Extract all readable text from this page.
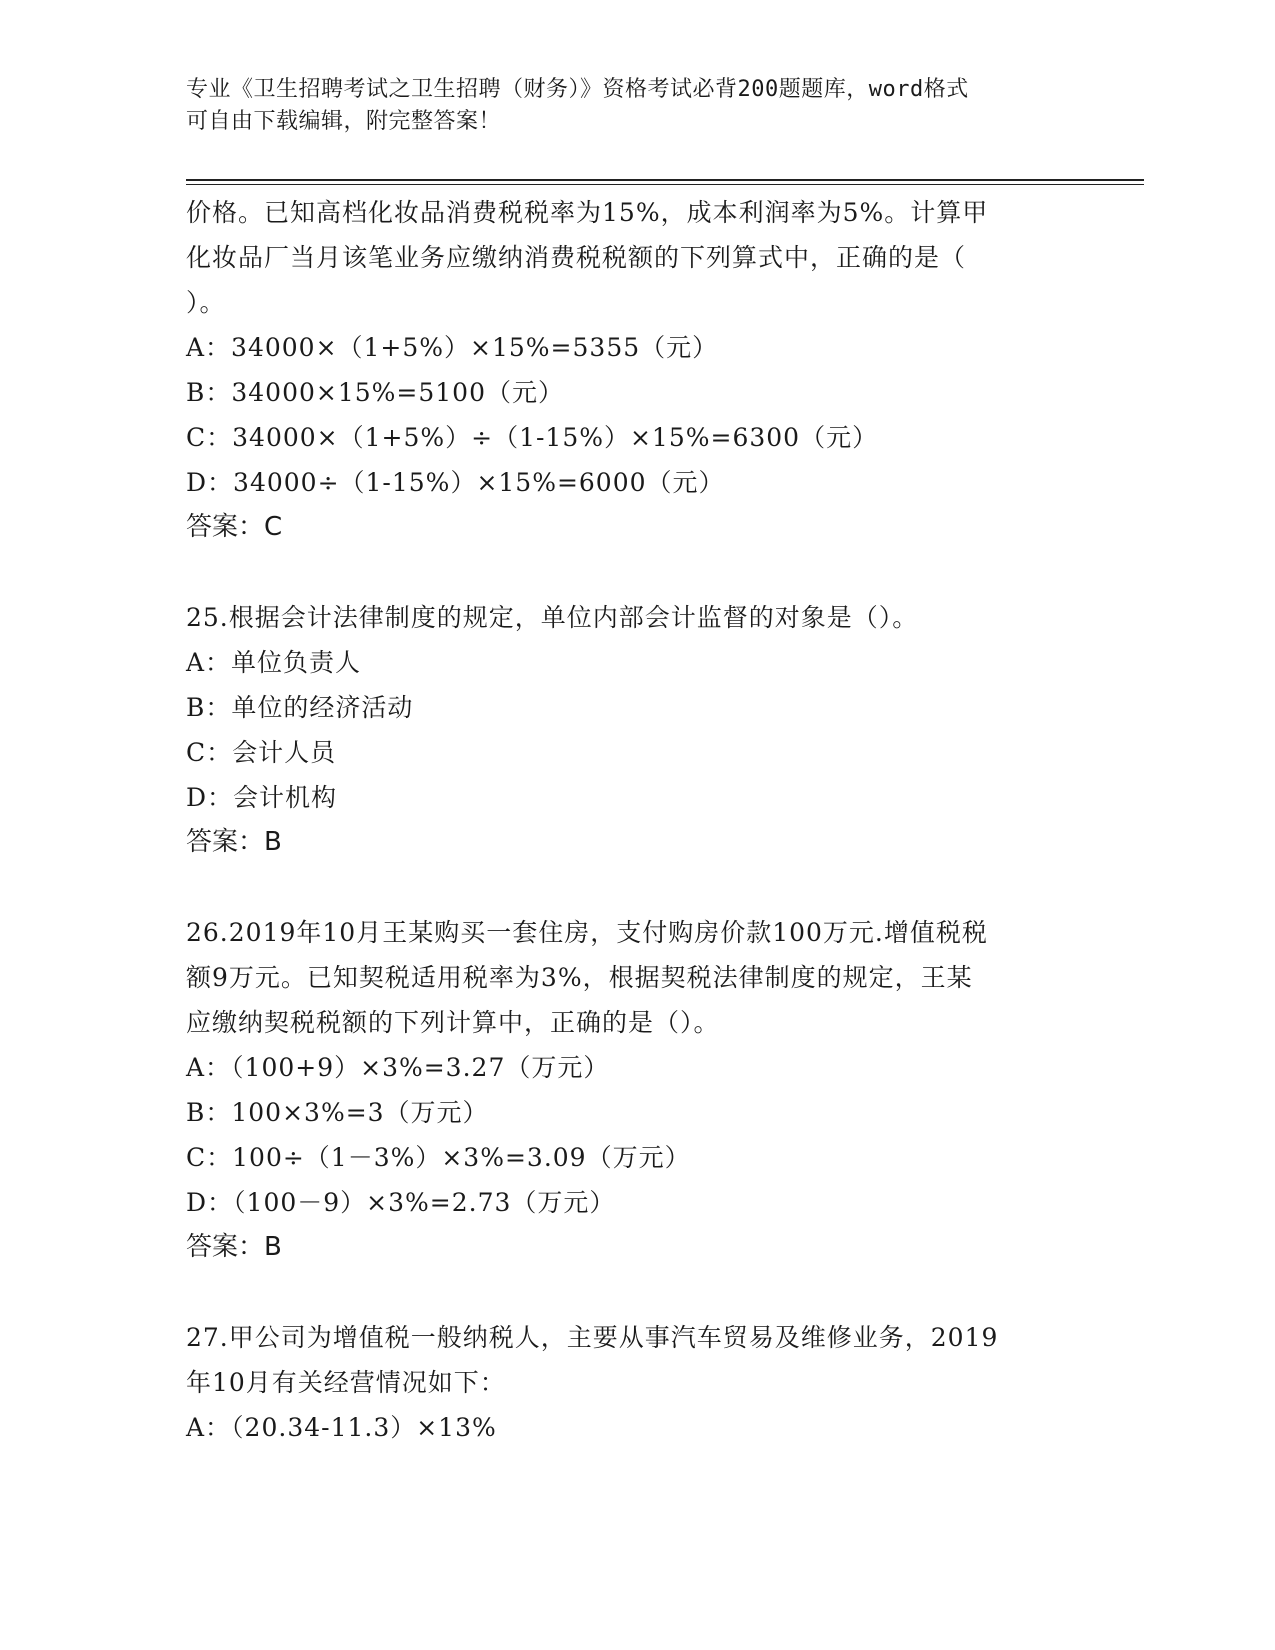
专业《卫生招聘考试之卫生招聘（财务）》资格考试必背200题题库，word格式
可自由下载编辑，附完整答案！
价格。已知高档化妆品消费税税率为15%，成本利润率为5%。计算甲
化妆品厂当月该笔业务应缴纳消费税税额的下列算式中，正确的是（
）。
A：34000×（1+5%）×15%=5355（元）
B：34000×15%=5100（元）
C：34000×（1+5%）÷（1-15%）×15%=6300（元）
D：34000÷（1-15%）×15%=6000（元）
答案：C
25.根据会计法律制度的规定，单位内部会计监督的对象是（）。
A：单位负责人
B：单位的经济活动
C：会计人员
D：会计机构
答案：B
26.2019年10月王某购买一套住房，支付购房价款100万元.增值税税
额9万元。已知契税适用税率为3%，根据契税法律制度的规定，王某
应缴纳契税税额的下列计算中，正确的是（）。
A：（100+9）×3%=3.27（万元）
B：100×3%=3（万元）
C：100÷（1－3%）×3%=3.09（万元）
D：（100－9）×3%=2.73（万元）
答案：B
27.甲公司为增值税一般纳税人，主要从事汽车贸易及维修业务，2019
年10月有关经营情况如下：
A：（20.34-11.3）×13%
